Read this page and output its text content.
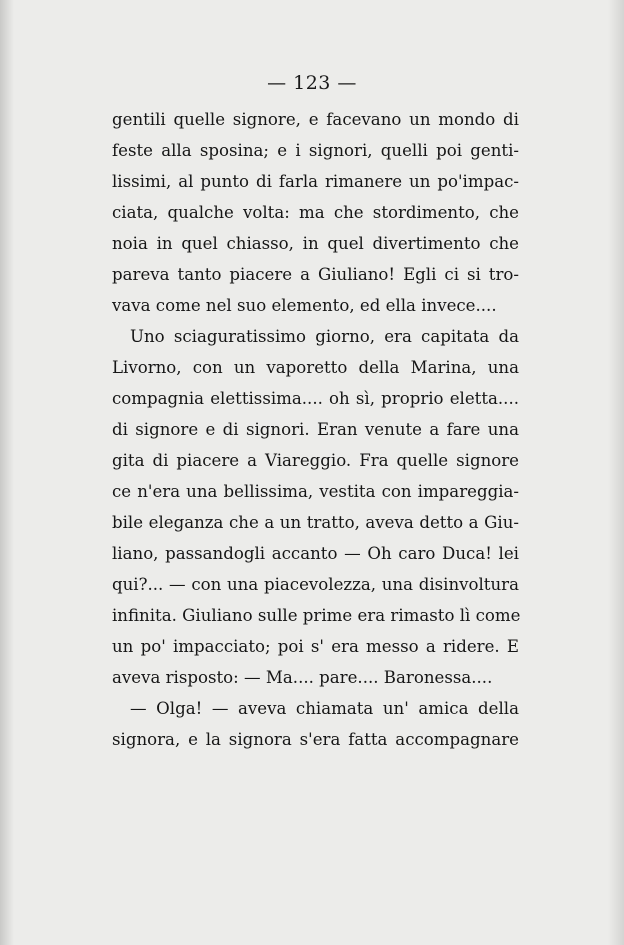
— 123 —
gentili quelle signore, e facevano un mondo di
feste alla sposina; e i signori, quelli poi genti-
lissimi, al punto di farla rimanere un po'impac-
ciata, qualche volta: ma che stordimento, che
noia in quel chiasso, in quel divertimento che
pareva tanto piacere a Giuliano! Egli ci si tro-
vava come nel suo elemento, ed ella invece....
Uno sciaguratissimo giorno, era capitata da
Livorno, con un vaporetto della Marina, una
compagnia elettissima.... oh sì, proprio eletta....
di signore e di signori. Eran venute a fare una
gita di piacere a Viareggio. Fra quelle signore
ce n'era una bellissima, vestita con impareggia-
bile eleganza che a un tratto, aveva detto a Giu-
liano, passandogli accanto — Oh caro Duca! lei
qui?... — con una piacevolezza, una disinvoltura
infinita. Giuliano sulle prime era rimasto lì come
un po' impacciato; poi s' era messo a ridere. E
aveva risposto: — Ma.... pare.... Baronessa....
— Olga! — aveva chiamata un' amica della
signora, e la signora s'era fatta accompagnare
